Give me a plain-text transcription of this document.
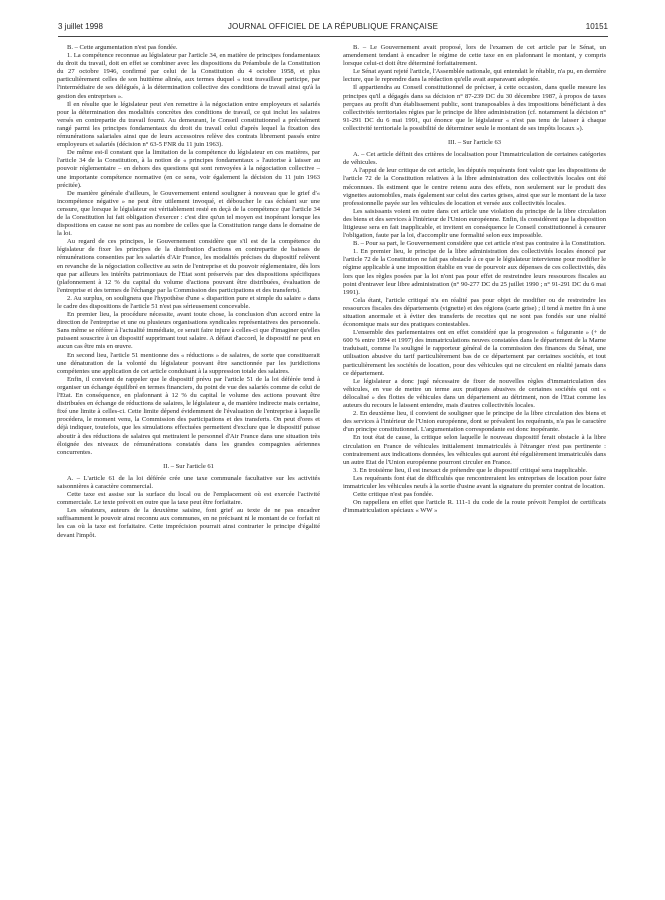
3 juillet 1998	JOURNAL OFFICIEL DE LA RÉPUBLIQUE FRANÇAISE	10151

B. – Cette argumentation n'est pas fondée.

1. La compétence reconnue au législateur par l'article 34, en matière de principes fondamentaux du droit du travail, doit en effet se combiner avec les dispositions du Préambule de la Constitution du 27 octobre 1946, confirmé par celui de la Constitution du 4 octobre 1958, et plus particulièrement celles de son huitième alinéa, aux termes duquel « tout travailleur participe, par l'intermédiaire de ses délégués, à la détermination collective des conditions de travail ainsi qu'à la gestion des entreprises ».

Il en résulte que le législateur peut s'en remettre à la négociation entre employeurs et salariés pour la détermination des modalités concrètes des conditions de travail, ce qui inclut les salaires versés en contrepartie du travail fourni. Au demeurant, le Conseil constitutionnel a précisément rangé parmi les principes fondamentaux du droit du travail celui d'après lequel la fixation des rémunérations salariales ainsi que de leurs accessoires relève des contrats librement passés entre employeurs et salariés (décision n° 63-5 FNR du 11 juin 1963).

De même est-il constant que la limitation de la compétence du législateur en ces matières, par l'article 34 de la Constitution, à la notion de « principes fondamentaux » l'autorise à laisser au pouvoir réglementaire – en dehors des questions qui sont renvoyées à la négociation collective – une importante compétence normative (en ce sens, voir également la décision du 11 juin 1963 précitée).

De manière générale d'ailleurs, le Gouvernement entend souligner à nouveau que le grief d'« incompétence négative » ne peut être utilement invoqué, et déboucher le cas échéant sur une censure, que lorsque le législateur est véritablement resté en deçà de la compétence que l'article 34 de la Constitution lui fait obligation d'exercer : c'est dire qu'un tel moyen est inopérant lorsque les dispositions en cause ne sont pas au nombre de celles que la Constitution range dans le domaine de la loi.

Au regard de ces principes, le Gouvernement considère que s'il est de la compétence du législateur de fixer les principes de la distribution d'actions en contrepartie de baisses de rémunérations consenties par les salariés d'Air France, les modalités précises du dispositif relèvent en revanche de la négociation collective au sein de l'entreprise et du pouvoir réglementaire, dès lors que par ailleurs les intérêts patrimoniaux de l'Etat sont préservés par des dispositions spécifiques (plafonnement à 12 % du capital du volume d'actions pouvant être distribuées, évaluation de l'entreprise et des termes de l'échange par la Commission des participations et des transferts).

2. Au surplus, on soulignera que l'hypothèse d'une « disparition pure et simple du salaire » dans le cadre des dispositions de l'article 51 n'est pas sérieusement concevable.

En premier lieu, la procédure nécessite, avant toute chose, la conclusion d'un accord entre la direction de l'entreprise et une ou plusieurs organisations syndicales représentatives des personnels. Sans même se référer à l'actualité immédiate, ce serait faire injure à celles-ci que d'imaginer qu'elles puissent souscrire à un dispositif supprimant tout salaire. A défaut d'accord, le dispositif ne peut en aucun cas être mis en œuvre.

En second lieu, l'article 51 mentionne des « réductions » de salaires, de sorte que constituerait une dénaturation de la volonté du législateur pouvant être sanctionnée par les juridictions compétentes une application de cet article conduisant à la suppression totale des salaires.

Enfin, il convient de rappeler que le dispositif prévu par l'article 51 de la loi déférée tend à organiser un échange équilibré en termes financiers, du point de vue des salariés comme de celui de l'Etat. En conséquence, en plafonnant à 12 % du capital le volume des actions pouvant être distribuées en échange de réductions de salaires, le législateur a, de manière indirecte mais certaine, fixé une limite à celles-ci. Cette limite dépend évidemment de l'évaluation de l'entreprise à laquelle procédera, le moment venu, la Commission des participations et des transferts. On peut d'ores et déjà indiquer, toutefois, que les simulations effectuées permettent d'exclure que le dispositif puisse aboutir à des réductions de salaires qui mettraient le personnel d'Air France dans une situation très éloignée des niveaux de rémunérations constatés dans les grandes compagnies aériennes concurrentes.

II. – Sur l'article 61

A. – L'article 61 de la loi déférée crée une taxe communale facultative sur les activités saisonnières à caractère commercial.

Cette taxe est assise sur la surface du local ou de l'emplacement où est exercée l'activité commerciale. Le texte prévoit en outre que la taxe peut être forfaitaire.

Les sénateurs, auteurs de la deuxième saisine, font grief au texte de ne pas encadrer suffisamment le pouvoir ainsi reconnu aux communes, en ne précisant ni le montant de ce forfait ni les cas où la taxe est forfaitaire. Cette imprécision pourrait ainsi contrarier le principe d'égalité devant l'impôt.

B. – Le Gouvernement avait proposé, lors de l'examen de cet article par le Sénat, un amendement tendant à encadrer le régime de cette taxe en en plafonnant le montant, y compris lorsque celui-ci doit être déterminé forfaitairement.

Le Sénat ayant rejeté l'article, l'Assemblée nationale, qui entendait le rétablir, n'a pu, en dernière lecture, que le reprendre dans la rédaction qu'elle avait auparavant adoptée.

Il appartiendra au Conseil constitutionnel de préciser, à cette occasion, dans quelle mesure les principes qu'il a dégagés dans sa décision n° 87-239 DC du 30 décembre 1987, à propos de taxes perçues au profit d'un établissement public, sont transposables à des impositions bénéficiant à des collectivités territoriales régies par le principe de libre administration (cf. notamment la décision n° 91-291 DC du 6 mai 1991, qui énonce que le législateur « n'est pas tenu de laisser à chaque collectivité territoriale la possibilité de déterminer seule le montant de ses impôts locaux »).

III. – Sur l'article 63

A. – Cet article définit des critères de localisation pour l'immatriculation de certaines catégories de véhicules.

A l'appui de leur critique de cet article, les députés requérants font valoir que les dispositions de l'article 72 de la Constitution relatives à la libre administration des collectivités locales ont été méconnues. Ils estiment que le centre retenu aura des effets, non seulement sur le produit des vignettes automobiles, mais également sur celui des cartes grises, ainsi que sur le montant de la taxe professionnelle payée sur les véhicules de location et versée aux collectivités locales.

Les saisissants voient en outre dans cet article une violation du principe de la libre circulation des biens et des services à l'intérieur de l'Union européenne. Enfin, ils considèrent que la disposition litigieuse sera en fait inapplicable, et invitent en conséquence le Conseil constitutionnel à censurer l'obligation, faute par la loi, d'accomplir une formalité selon eux impossible.

B. – Pour sa part, le Gouvernement considère que cet article n'est pas contraire à la Constitution.

1. En premier lieu, le principe de la libre administration des collectivités locales énoncé par l'article 72 de la Constitution ne fait pas obstacle à ce que le législateur intervienne pour modifier le régime applicable à une imposition établie en vue de pourvoir aux dépenses de ces collectivités, dès lors que les règles posées par la loi n'ont pas pour effet de restreindre leurs ressources fiscales au point d'entraver leur libre administration (n° 90-277 DC du 25 juillet 1990 ; n° 91-291 DC du 6 mai 1991).

Cela étant, l'article critiqué n'a en réalité pas pour objet de modifier ou de restreindre les ressources fiscales des départements (vignette) et des régions (carte grise) ; il tend à mettre fin à une situation anormale et à éviter des transferts de recettes qui ne sont pas fondés sur une réalité économique mais sur des pratiques contestables.

L'ensemble des parlementaires ont en effet considéré que la progression « fulgurante » (+ de 600 % entre 1994 et 1997) des immatriculations neuves constatées dans le département de la Marne traduisait, comme l'a souligné le rapporteur général de la commission des finances du Sénat, une utilisation abusive du tarif particulièrement bas de ce département par certaines sociétés, et tout particulièrement les sociétés de location, pour des véhicules qui ne circulent en réalité jamais dans ce département.

Le législateur a donc jugé nécessaire de fixer de nouvelles règles d'immatriculation des véhicules, en vue de mettre un terme aux pratiques abusives de certaines sociétés qui ont « délocalisé » des flottes de véhicules dans un département au détriment, non de l'Etat comme les auteurs du recours le laissent entendre, mais d'autres collectivités locales.

2. En deuxième lieu, il convient de souligner que le principe de la libre circulation des biens et des services à l'intérieur de l'Union européenne, dont se prévalent les requérants, n'a pas le caractère d'un principe constitutionnel. L'argumentation correspondante est donc inopérante.

En tout état de cause, la critique selon laquelle le nouveau dispositif ferait obstacle à la libre circulation en France de véhicules initialement immatriculés à l'étranger n'est pas pertinente : contrairement aux indications données, les véhicules qui auront été régulièrement immatriculés dans un autre Etat de l'Union européenne pourront circuler en France.

3. En troisième lieu, il est inexact de prétendre que le dispositif critiqué sera inapplicable.

Les requérants font état de difficultés que rencontreraient les entreprises de location pour faire immatriculer les véhicules neufs à la sortie d'usine avant la signature du premier contrat de location.

Cette critique n'est pas fondée.

On rappellera en effet que l'article R. 111-1 du code de la route prévoit l'emploi de certificats d'immatriculation spéciaux « WW »
